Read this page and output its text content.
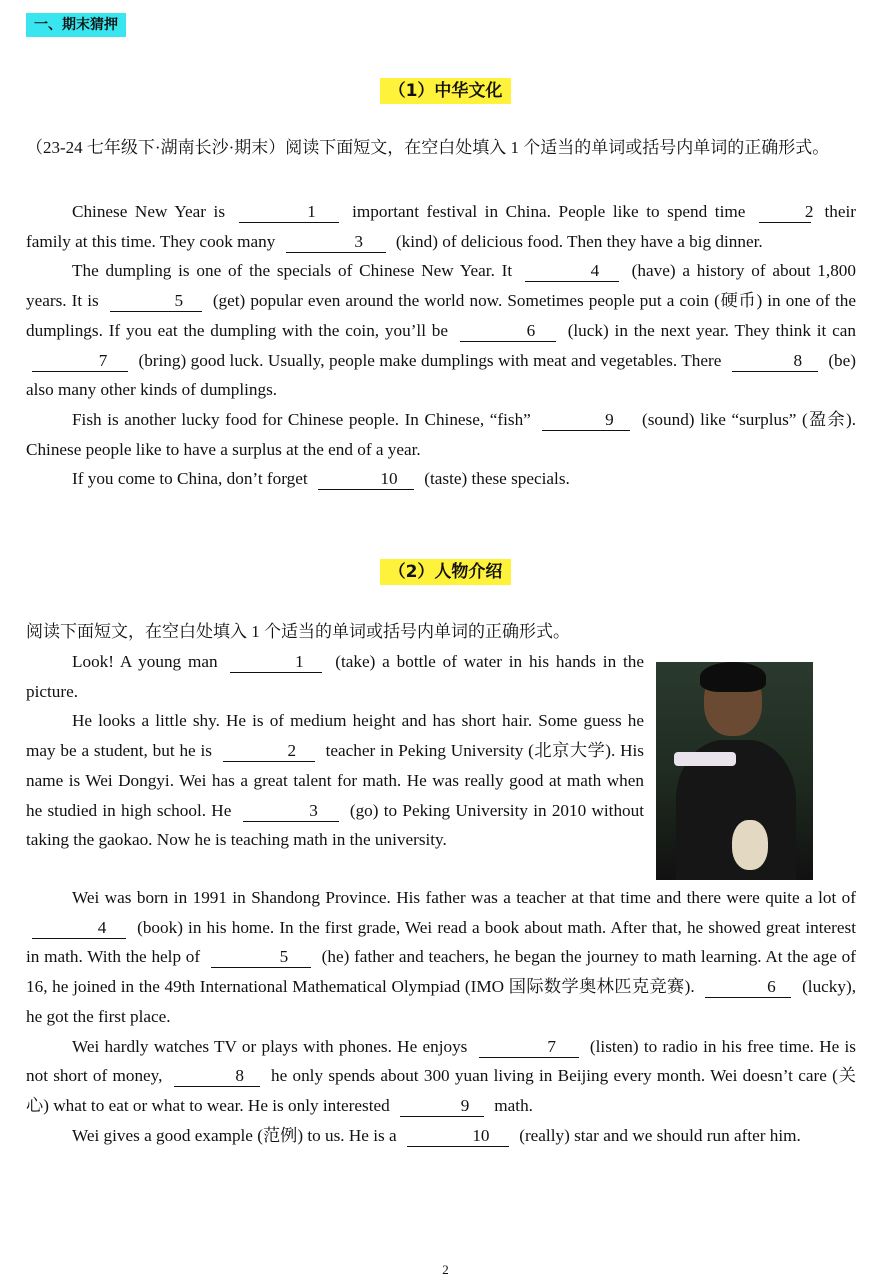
一、期末猜押
（1）中华文化
（23-24 七年级下·湖南长沙·期末）阅读下面短文，在空白处填入 1 个适当的单词或括号内单词的正确形式。

Chinese New Year is	1 important festival in China. People like to spend time	2 their family at this time. They cook many	3 (kind) of delicious food. Then they have a big dinner.

The dumpling is one of the specials of Chinese New Year. It	4 (have) a history of about 1,800 years. It is	5 (get) popular even around the world now. Sometimes people put a coin (硬币) in one of the dumplings. If you eat the dumpling with the coin, you’ll be	6 (luck) in the next year. They think it can 7 (bring) good luck. Usually, people make dumplings with meat and vegetables. There	8 (be) also many other kinds of dumplings.

Fish is another lucky food for Chinese people. In Chinese, “fish”	9 (sound) like “surplus” (盈余). Chinese people like to have a surplus at the end of a year.

If you come to China, don’t forget	10 (taste) these specials.

（2）人物介绍
阅读下面短文，在空白处填入 1 个适当的单词或括号内单词的正确形式。

Look! A young man	1 (take) a bottle of water in his hands in the picture.

He looks a little shy. He is of medium height and has short hair. Some guess he may be a student, but he is	2 teacher in Peking University (北京大学). His name is Wei Dongyi. Wei has a great talent for math. He was really good at math when he studied in high school. He	3 (go) to Peking University in 2010 without taking the gaokao. Now he is teaching math in the university.

Wei was born in 1991 in Shandong Province. His father was a teacher at that time and there were quite a lot of 4 (book) in his home. In the first grade, Wei read a book about math. After that, he showed great interest in math. With the help of	5 (he) father and teachers, he began the journey to math learning. At the age of 16, he joined in the 49th International Mathematical Olympiad (IMO 国际数学奥林匹克竞赛).	6 (lucky), he got the first place.

Wei hardly watches TV or plays with phones. He enjoys	7 (listen) to radio in his free time. He is not short of money,	8 he only spends about 300 yuan living in Beijing every month. Wei doesn’t care (关心) what to eat or what to wear. He is only interested	9 math.

Wei gives a good example (范例) to us. He is a	10 (really) star and we should run after him.

2
